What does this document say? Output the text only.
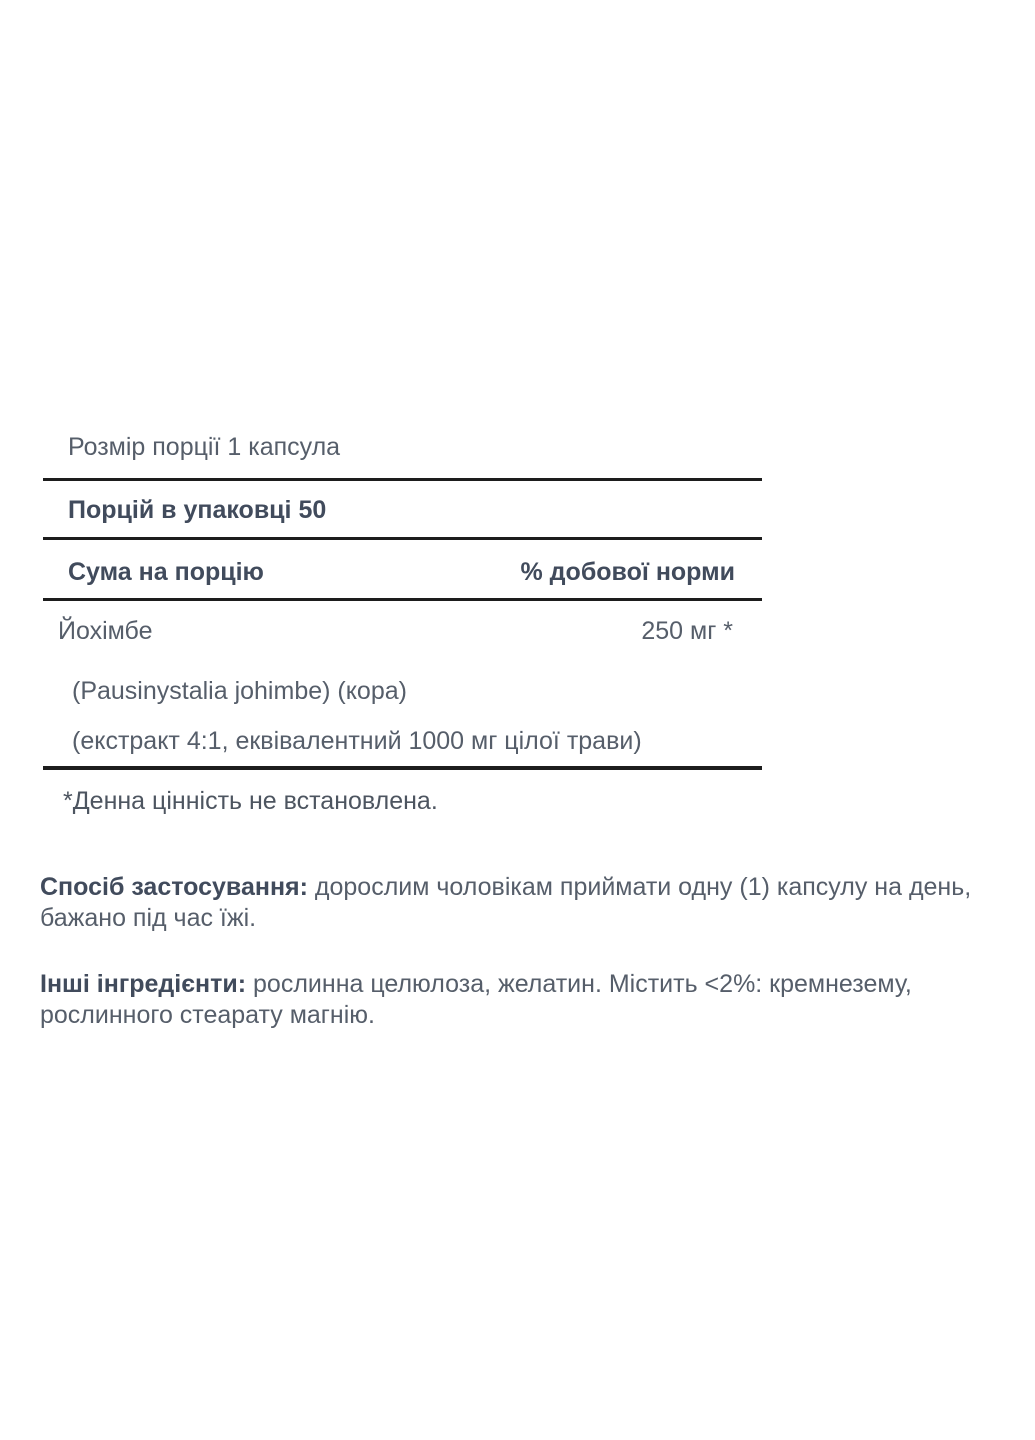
Розмір порції 1 капсула
Порцій в упаковці 50
Сума на порцію	% добової норми
Йохімбе	250 мг *
(Pausinystalia johimbe) (кора)
(екстракт 4:1, еквівалентний 1000 мг цілої трави)
*Денна цінність не встановлена.

Спосіб застосування: дорослим чоловікам приймати одну (1) капсулу на день, бажано під час їжі.

Інші інгредієнти: рослинна целюлоза, желатин. Містить <2%: кремнезему, рослинного стеарату магнію.
